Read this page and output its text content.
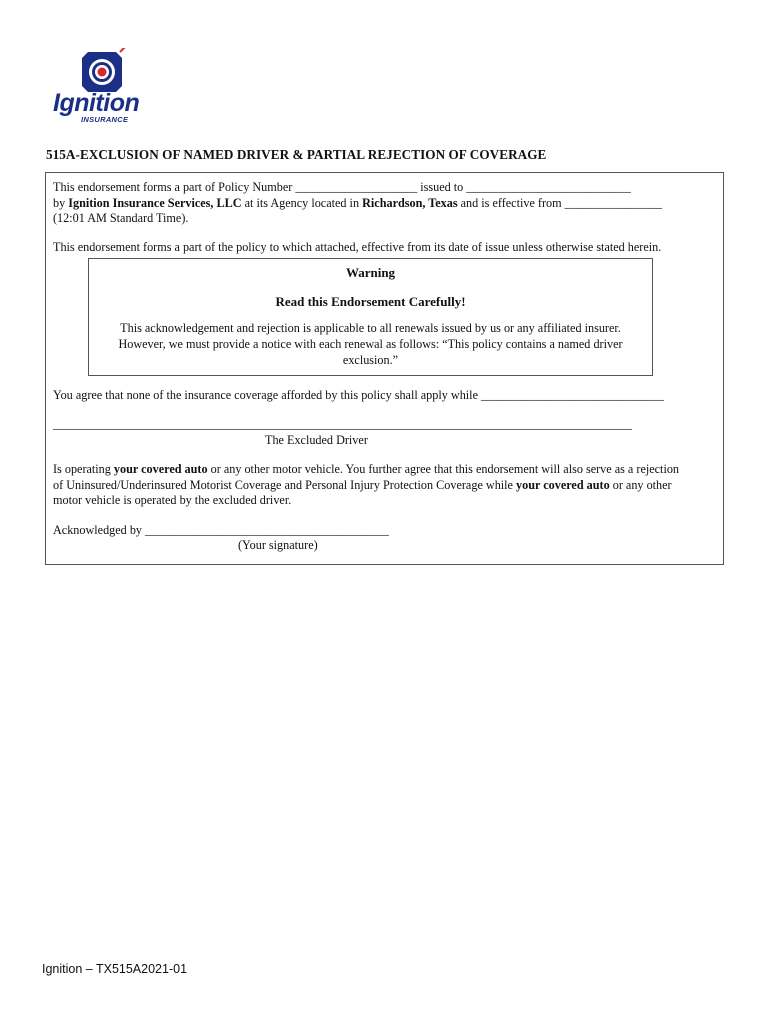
Ignition
INSURANCE
515A-EXCLUSION OF NAMED DRIVER & PARTIAL REJECTION OF COVERAGE
This endorsement forms a part of Policy Number ____________________ issued to ___________________________
by Ignition Insurance Services, LLC at its Agency located in Richardson, Texas and is effective from ________________
(12:01 AM Standard Time).
This endorsement forms a part of the policy to which attached, effective from its date of issue unless otherwise stated herein.
Warning
Read this Endorsement Carefully!
This acknowledgement and rejection is applicable to all renewals issued by us or any affiliated insurer.
However, we must provide a notice with each renewal as follows: “This policy contains a named driver
exclusion.”
You agree that none of the insurance coverage afforded by this policy shall apply while ______________________________
_______________________________________________________________________________________________
The Excluded Driver
Is operating your covered auto or any other motor vehicle. You further agree that this endorsement will also serve as a rejection
of Uninsured/Underinsured Motorist Coverage and Personal Injury Protection Coverage while your covered auto or any other
motor vehicle is operated by the excluded driver.
Acknowledged by ________________________________________
(Your signature)
Ignition – TX515A2021-01
